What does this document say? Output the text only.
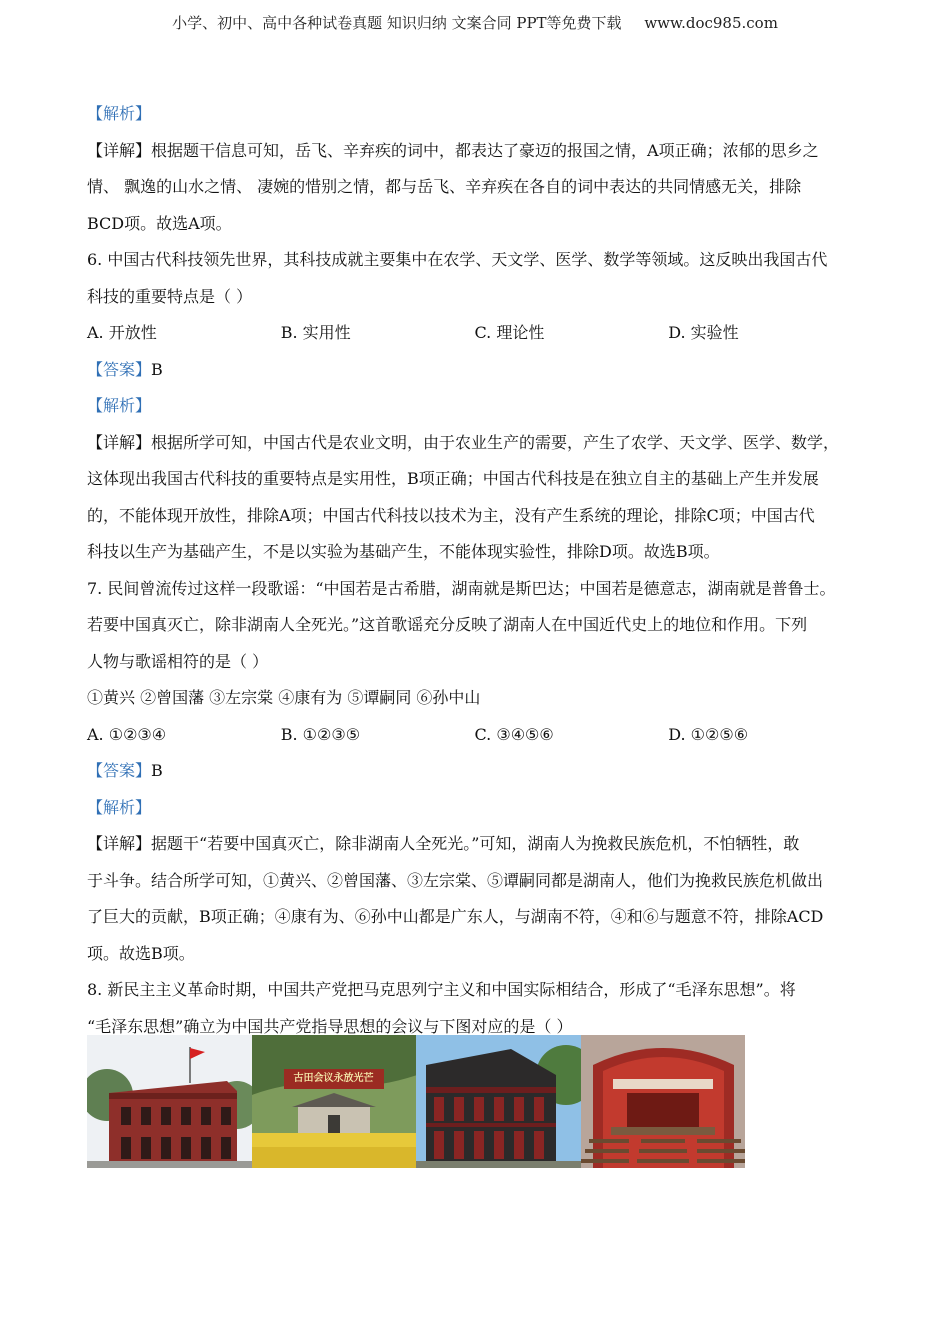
小学、初中、高中各种试卷真题 知识归纳 文案合同 PPT等免费下载 www.doc985.com
【解析】
【详解】根据题干信息可知，岳飞、辛弃疾的词中，都表达了豪迈的报国之情，A项正确；浓郁的思乡之
情、 飘逸的山水之情、 凄婉的惜别之情，都与岳飞、辛弃疾在各自的词中表达的共同情感无关，排除
BCD项。故选A项。
6. 中国古代科技领先世界，其科技成就主要集中在农学、天文学、医学、数学等领域。这反映出我国古代
科技的重要特点是（ ）
A. 开放性	B. 实用性	C. 理论性	D. 实验性
【答案】B
【解析】
【详解】根据所学可知，中国古代是农业文明，由于农业生产的需要，产生了农学、天文学、医学、数学，
这体现出我国古代科技的重要特点是实用性，B项正确；中国古代科技是在独立自主的基础上产生并发展
的，不能体现开放性，排除A项；中国古代科技以技术为主，没有产生系统的理论，排除C项；中国古代
科技以生产为基础产生，不是以实验为基础产生，不能体现实验性，排除D项。故选B项。
7. 民间曾流传过这样一段歌谣：“中国若是古希腊，湖南就是斯巴达；中国若是德意志，湖南就是普鲁士。
若要中国真灭亡，除非湖南人全死光。”这首歌谣充分反映了湖南人在中国近代史上的地位和作用。下列
人物与歌谣相符的是（ ）
①黄兴 ②曾国藩 ③左宗棠 ④康有为 ⑤谭嗣同 ⑥孙中山
A. ①②③④	B. ①②③⑤	C. ③④⑤⑥	D. ①②⑤⑥
【答案】B
【解析】
【详解】据题干“若要中国真灭亡，除非湖南人全死光。”可知，湖南人为挽救民族危机，不怕牺牲，敢
于斗争。结合所学可知，①黄兴、②曾国藩、③左宗棠、⑤谭嗣同都是湖南人，他们为挽救民族危机做出
了巨大的贡献，B项正确；④康有为、⑥孙中山都是广东人，与湖南不符，④和⑥与题意不符，排除ACD
项。故选B项。
8. 新民主主义革命时期，中国共产党把马克思列宁主义和中国实际相结合，形成了“毛泽东思想”。将
“毛泽东思想”确立为中国共产党指导思想的会议与下图对应的是（ ）
古田会议永放光芒
